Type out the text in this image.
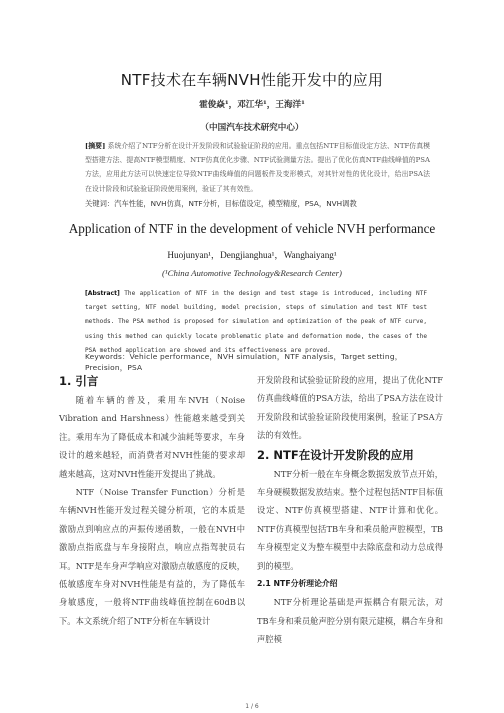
NTF技术在车辆NVH性能开发中的应用
霍俊焱¹，邓江华¹，王海洋¹
（中国汽车技术研究中心）
[摘要] 系统介绍了NTF分析在设计开发阶段和试验验证阶段的应用。重点包括NTF目标值设定方法、NTF仿真模型搭建方法、提高NTF模型精度、NTF仿真优化步骤、NTF试验测量方法。提出了优化仿真NTF曲线峰值的PSA方法，应用此方法可以快速定位导致NTF曲线峰值的问题板件及变形模式，对其针对性的优化设计，给出PSA法在设计阶段和试验验证阶段使用案例，验证了其有效性。
关键词：汽车性能，NVH仿真，NTF分析，目标值设定，模型精度，PSA，NVH调教
Application of NTF in the development of vehicle NVH performance
Huojunyan¹，Dengjianghua¹，Wanghaiyang¹
(¹China Automotive Technology&Research Center)
[Abstract] The application of NTF in the design and test stage is introduced, including NTF target setting, NTF model building, model precision, steps of simulation and test NTF test methods. The PSA method is proposed for simulation and optimization of the peak of NTF curve, using this method can quickly locate problematic plate and deformation mode, the cases of the PSA method application are showed and its effectiveness are proved.
Keywords：Vehicle performance，NVH simulation，NTF analysis，Target setting，Precision，PSA

1. 引言

随着车辆的普及，乘用车NVH（Noise Vibration and Harshness）性能越来越受到关注。乘用车为了降低成本和减少油耗等要求，车身设计的越来越轻，而消费者对NVH性能的要求却越来越高，这对NVH性能开发提出了挑战。

NTF（Noise Transfer Function）分析是车辆NVH性能开发过程关键分析项，它的本质是激励点到响应点的声振传递函数，一般在NVH中激励点指底盘与车身接附点，响应点指驾驶员右耳。NTF是车身声学响应对激励点敏感度的反映，低敏感度车身对NVH性能是有益的，为了降低车身敏感度，一般将NTF曲线峰值控制在60dB以下。本文系统介绍了NTF分析在车辆设计

开发阶段和试验验证阶段的应用，提出了优化NTF仿真曲线峰值的PSA方法，给出了PSA方法在设计开发阶段和试验验证阶段使用案例，验证了PSA方法的有效性。

2. NTF在设计开发阶段的应用

NTF分析一般在车身概念数据发放节点开始，车身硬模数据发放结束。整个过程包括NTF目标值设定、NTF仿真模型搭建、NTF计算和优化。NTF仿真模型包括TB车身和乘员舱声腔模型，TB车身模型定义为整车模型中去除底盘和动力总成得到的模型。

2.1 NTF分析理论介绍

NTF分析理论基础是声振耦合有限元法，对TB车身和乘员舱声腔分别有限元建模，耦合车身和声腔模

1 / 6
